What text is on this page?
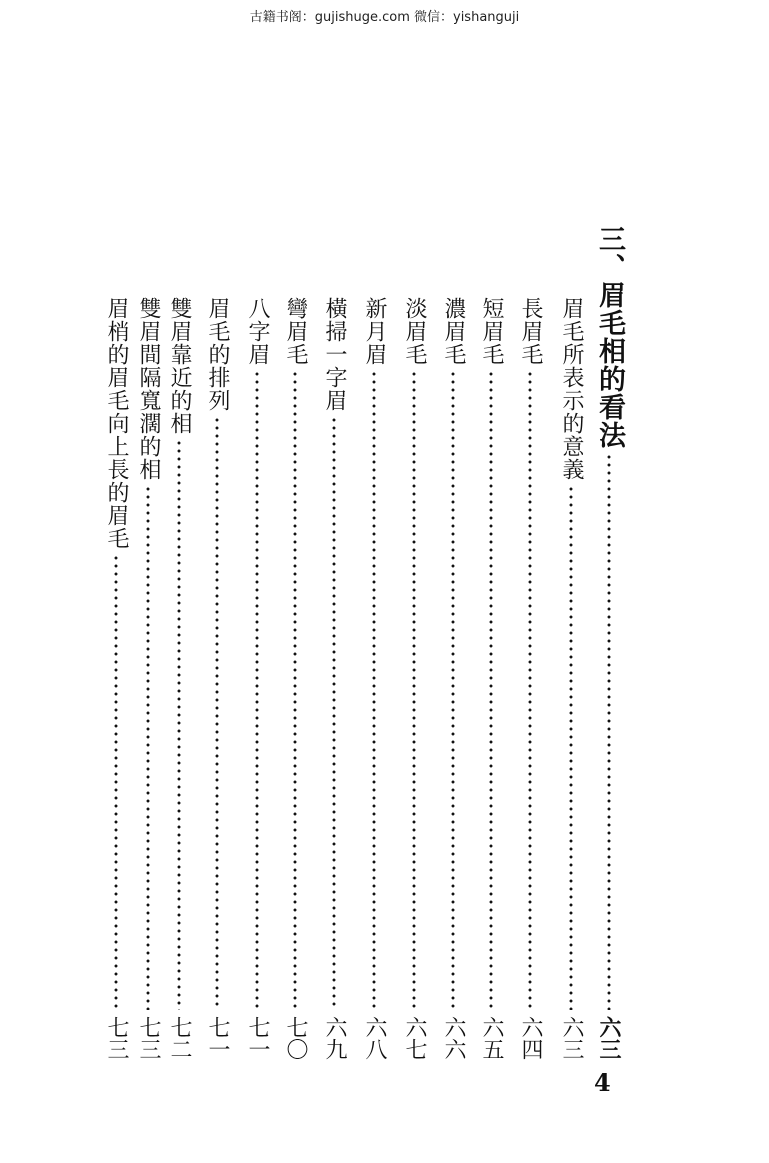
古籍书阁：gujishuge.com 微信：yishanguji
三、眉毛相的看法
六三
眉毛所表示的意義
六三
長眉毛
六四
短眉毛
六五
濃眉毛
六六
淡眉毛
六七
新月眉
六八
橫掃一字眉
六九
彎眉毛
七〇
八字眉
七一
眉毛的排列
七一
雙眉靠近的相
七二
雙眉間隔寬濶的相
七三
眉梢的眉毛向上長的眉毛
七三
4
